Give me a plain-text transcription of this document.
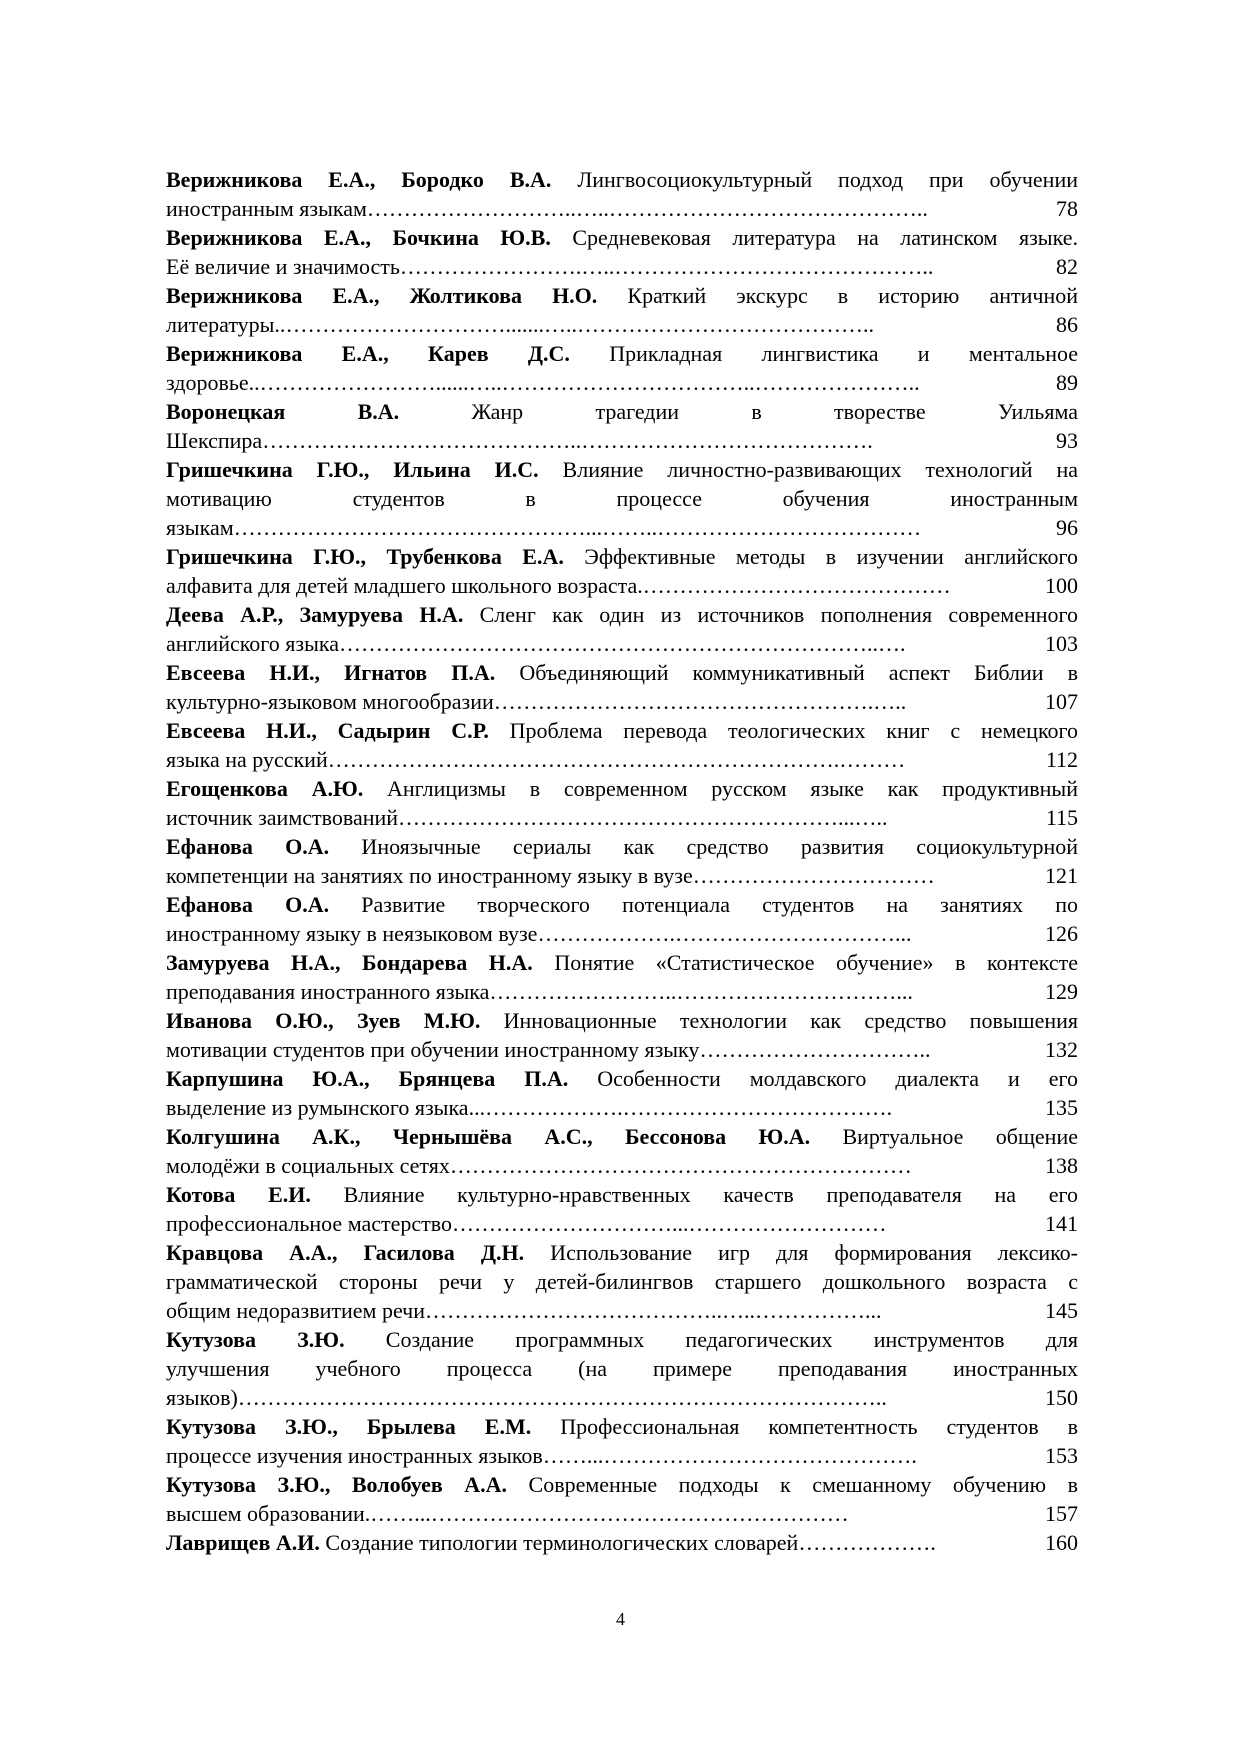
Верижникова Е.А., Бородко В.А. Лингвосоциокультурный подход при обучении
иностранным языкам ………………………..…..……………………………………..	78
Верижникова Е.А., Бочкина Ю.В. Средневековая литература на латинском языке.
Её величие и значимость …………………….…..……………………………………..	82
Верижникова Е.А., Жолтикова Н.О. Краткий экскурс в историю античной
литературы.. ………………………….......…..…………………………………..	86
Верижникова Е.А., Карев Д.С. Прикладная лингвистика и ментальное
здоровье.. ……………………......…..……………………………..…………………..	89
Воронецкая В.А. Жанр трагедии в творестве Уильяма
Шекспира ……………………………………..………………………………….	93
Гришечкина Г.Ю., Ильина И.С. Влияние личностно-развивающих технологий на
мотивацию студентов в процессе обучения иностранным
языкам …………………………………………...……..………………………………	96
Гришечкина Г.Ю., Трубенкова Е.А. Эффективные методы в изучении английского
алфавита для детей младшего школьного возраста. ……………………………………	100
Деева А.Р., Замуруева Н.А. Сленг как один из источников пополнения современного
английского языка ………………………………………………………………..….	103
Евсеева Н.И., Игнатов П.А. Объединяющий коммуникативный аспект Библии в
культурно-языковом многообразии …………………………………………….…..	107
Евсеева Н.И., Садырин С.Р. Проблема перевода теологических книг с немецкого
языка на русский …………………………………………………………….………	112
Егощенкова А.Ю. Англицизмы в современном русском языке как продуктивный
источник заимствований ……………………………………………………...…..	115
Ефанова О.А. Иноязычные сериалы как средство развития социокультурной
компетенции на занятиях по иностранному языку в вузе ……………………………	121
Ефанова О.А. Развитие творческого потенциала студентов на занятиях по
иностранному языку в неязыковом вузе ……………….…………………………...	126
Замуруева Н.А., Бондарева Н.А. Понятие «Статистическое обучение» в контексте
преподавания иностранного языка ……………………..…………………………...	129
Иванова О.Ю., Зуев М.Ю. Инновационные технологии как средство повышения
мотивации студентов при обучении иностранному языку …………………………..	132
Карпушина Ю.А., Брянцева П.А. Особенности молдавского диалекта и его
выделение из румынского языка... ……………….……………………………….	135
Колгушина А.К., Чернышёва А.С., Бессонова Ю.А. Виртуальное общение
молодёжи в социальных сетях ………………………………………………………	138
Котова Е.И. Влияние культурно-нравственных качеств преподавателя на его
профессиональное мастерство …………………………...………………………	141
Кравцова А.А., Гасилова Д.Н. Использование игр для формирования лексико-
грамматической стороны речи у детей-билингвов старшего дошкольного возраста с
общим недоразвитием речи …………………………………..…..……………...	145
Кутузова З.Ю. Создание программных педагогических инструментов для
улучшения учебного процесса (на примере преподавания иностранных
языков) ……………………………………………………………………………..	150
Кутузова З.Ю., Брылева Е.М. Профессиональная компетентность студентов в
процессе изучения иностранных языков ……...…………………………………….	153
Кутузова З.Ю., Волобуев А.А. Современные подходы к смешанному обучению в
высшем образовании. ……...…………………………………………………	157
Лаврищев А.И. Создание типологии терминологических словарей ……………….	160
4
